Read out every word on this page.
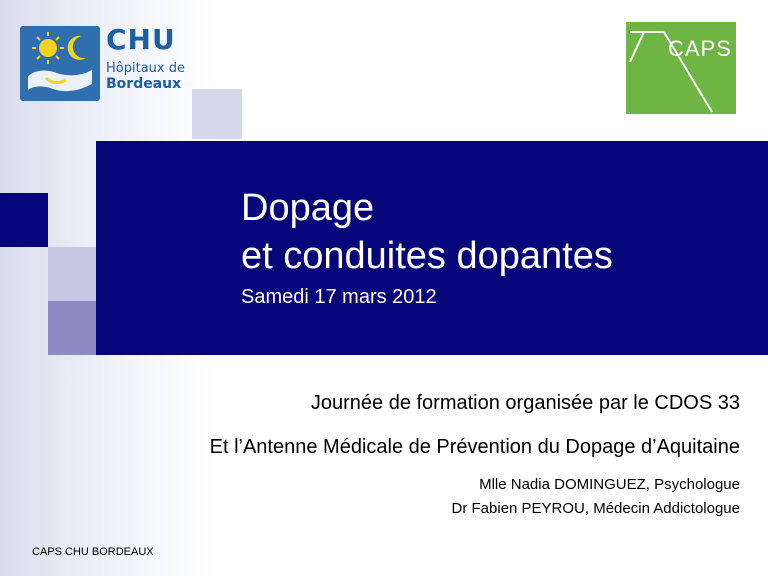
Dopage
et conduites dopantes
Samedi 17 mars 2012
Journée de formation organisée par le CDOS 33
Et l’Antenne Médicale de Prévention du Dopage d’Aquitaine
Mlle Nadia DOMINGUEZ, Psychologue
Dr Fabien PEYROU, Médecin Addictologue
CAPS CHU BORDEAUX
CHU
Hôpitaux de
Bordeaux
CAPS
